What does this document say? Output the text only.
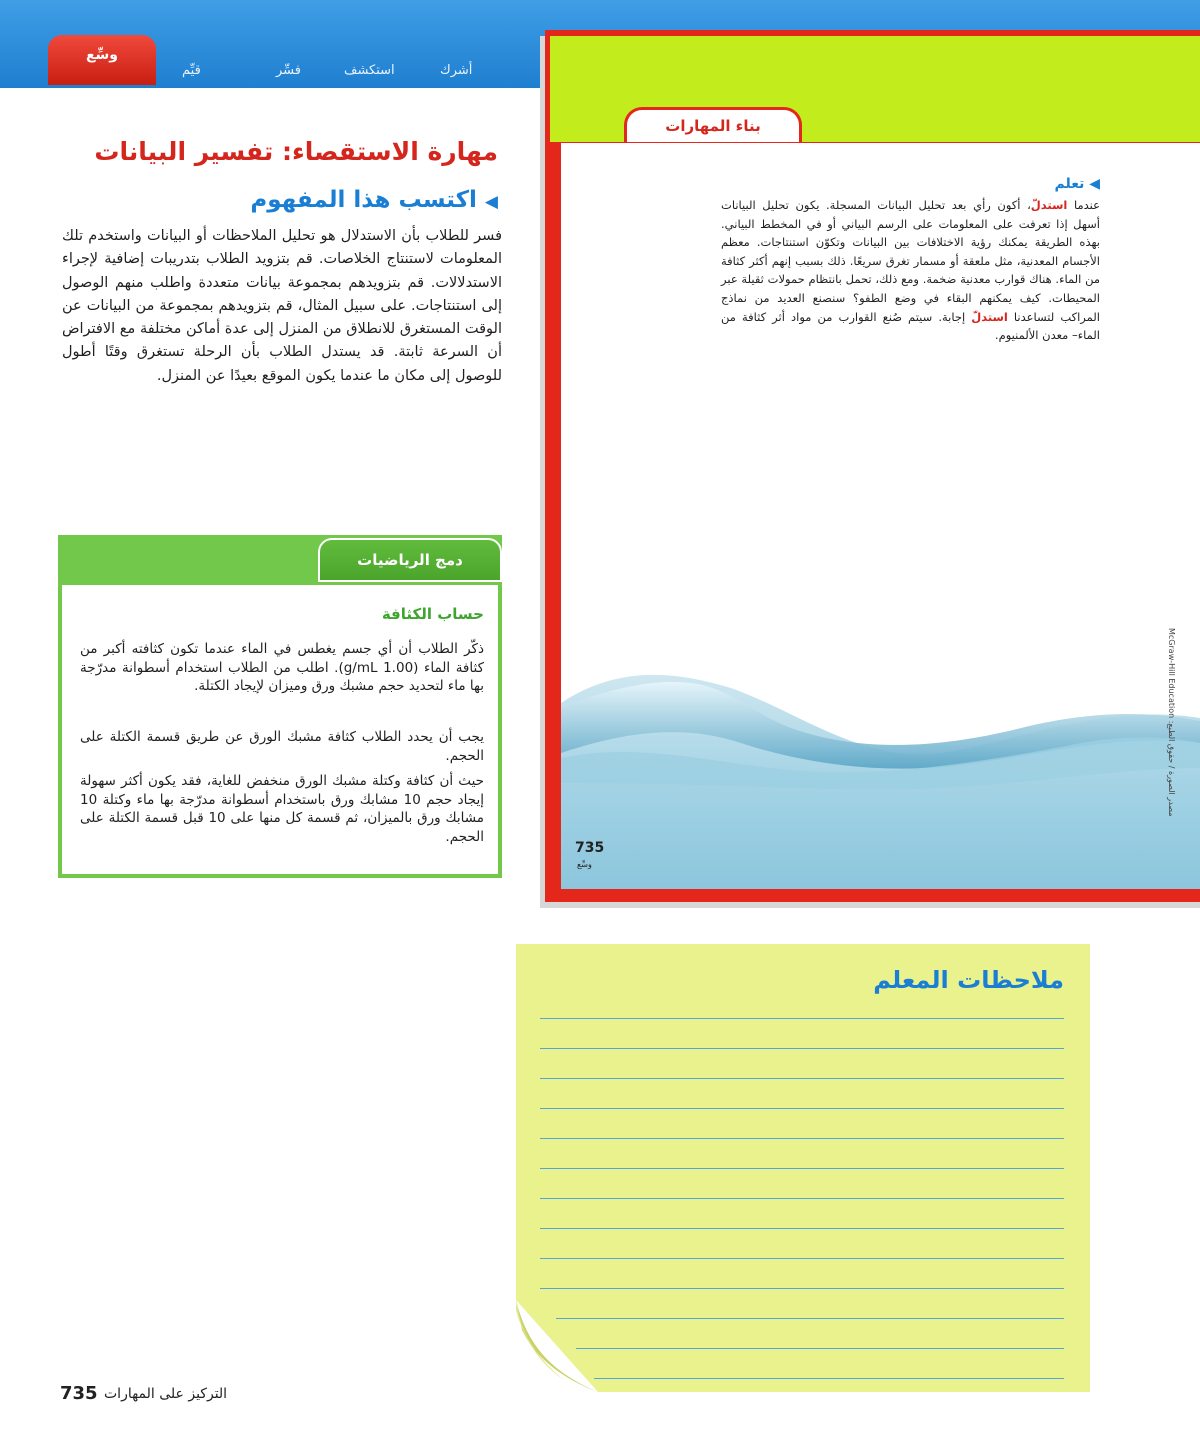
قيِّم	فسِّر	استكشف	أشرك
وسِّع
مهارة الاستقصاء: تفسير البيانات
◀اكتسب هذا المفهوم
فسر للطلاب بأن الاستدلال هو تحليل الملاحظات أو البيانات واستخدم تلك المعلومات لاستنتاج الخلاصات. قم بتزويد الطلاب بتدريبات إضافية لإجراء الاستدلالات. قم بتزويدهم بمجموعة بيانات متعددة واطلب منهم الوصول إلى استنتاجات. على سبيل المثال، قم بتزويدهم بمجموعة من البيانات عن الوقت المستغرق للانطلاق من المنزل إلى عدة أماكن مختلفة مع الافتراض أن السرعة ثابتة. قد يستدل الطلاب بأن الرحلة تستغرق وقتًا أطول للوصول إلى مكان ما عندما يكون الموقع بعيدًا عن المنزل.
دمج الرياضيات
حساب الكثافة
ذكّر الطلاب أن أي جسم يغطس في الماء عندما تكون كثافته أكبر من كثافة الماء (1.00 g/mL). اطلب من الطلاب استخدام أسطوانة مدرّجة بها ماء لتحديد حجم مشبك ورق وميزان لإيجاد الكتلة.
يجب أن يحدد الطلاب كثافة مشبك الورق عن طريق قسمة الكتلة على الحجم.
حيث أن كثافة وكتلة مشبك الورق منخفض للغاية، فقد يكون أكثر سهولة إيجاد حجم 10 مشابك ورق باستخدام أسطوانة مدرّجة بها ماء وكتلة 10 مشابك ورق بالميزان، ثم قسمة كل منها على 10 قبل قسمة الكتلة على الحجم.
بناء المهارات
◀ تعلم
عندما استدلّ، أكون رأي بعد تحليل البيانات المسجلة. يكون تحليل البيانات أسهل إذا تعرفت على المعلومات على الرسم البياني أو في المخطط البياني. بهذه الطريقة يمكنك رؤية الاختلافات بين البيانات وتكوّن استنتاجات. معظم الأجسام المعدنية، مثل ملعقة أو مسمار تغرق سريعًا. ذلك بسبب إنهم أكثر كثافة من الماء. هناك قوارب معدنية ضخمة. ومع ذلك، تحمل بانتظام حمولات ثقيلة عبر المحيطات. كيف يمكنهم البقاء في وضع الطفو؟ سنصنع العديد من نماذج المراكب لتساعدنا استدلّ إجابة. سيتم صُنع القوارب من مواد أثر كثافة من الماء– معدن الألمنيوم.
McGraw-Hill Education :مصدر الصورة / حقوق الطبع
735
وسِّع
ملاحظات المعلم
735 التركيز على المهارات
